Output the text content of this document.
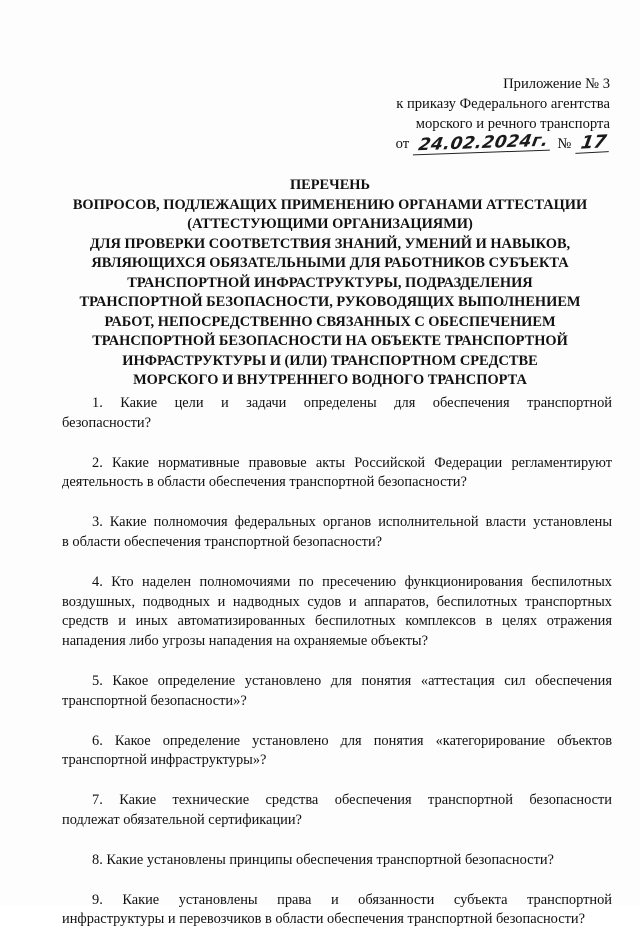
Приложение № 3
к приказу Федерального агентства
морского и речного транспорта
от 24.02.2024г. № 17
ПЕРЕЧЕНЬ
ВОПРОСОВ, ПОДЛЕЖАЩИХ ПРИМЕНЕНИЮ ОРГАНАМИ АТТЕСТАЦИИ
(АТТЕСТУЮЩИМИ ОРГАНИЗАЦИЯМИ)
ДЛЯ ПРОВЕРКИ СООТВЕТСТВИЯ ЗНАНИЙ, УМЕНИЙ И НАВЫКОВ,
ЯВЛЯЮЩИХСЯ ОБЯЗАТЕЛЬНЫМИ ДЛЯ РАБОТНИКОВ СУБЪЕКТА
ТРАНСПОРТНОЙ ИНФРАСТРУКТУРЫ, ПОДРАЗДЕЛЕНИЯ
ТРАНСПОРТНОЙ БЕЗОПАСНОСТИ, РУКОВОДЯЩИХ ВЫПОЛНЕНИЕМ
РАБОТ, НЕПОСРЕДСТВЕННО СВЯЗАННЫХ С ОБЕСПЕЧЕНИЕМ
ТРАНСПОРТНОЙ БЕЗОПАСНОСТИ НА ОБЪЕКТЕ ТРАНСПОРТНОЙ
ИНФРАСТРУКТУРЫ И (ИЛИ) ТРАНСПОРТНОМ СРЕДСТВЕ
МОРСКОГО И ВНУТРЕННЕГО ВОДНОГО ТРАНСПОРТА
1. Какие цели и задачи определены для обеспечения транспортной
безопасности?
2. Какие нормативные правовые акты Российской Федерации регламентируют
деятельность в области обеспечения транспортной безопасности?
3. Какие полномочия федеральных органов исполнительной власти установлены
в области обеспечения транспортной безопасности?
4. Кто наделен полномочиями по пресечению функционирования беспилотных
воздушных, подводных и надводных судов и аппаратов, беспилотных транспортных
средств и иных автоматизированных беспилотных комплексов в целях отражения
нападения либо угрозы нападения на охраняемые объекты?
5. Какое определение установлено для понятия «аттестация сил обеспечения
транспортной безопасности»?
6. Какое определение установлено для понятия «категорирование объектов
транспортной инфраструктуры»?
7. Какие технические средства обеспечения транспортной безопасности
подлежат обязательной сертификации?
8. Какие установлены принципы обеспечения транспортной безопасности?
9. Какие установлены права и обязанности субъекта транспортной
инфраструктуры и перевозчиков в области обеспечения транспортной безопасности?
